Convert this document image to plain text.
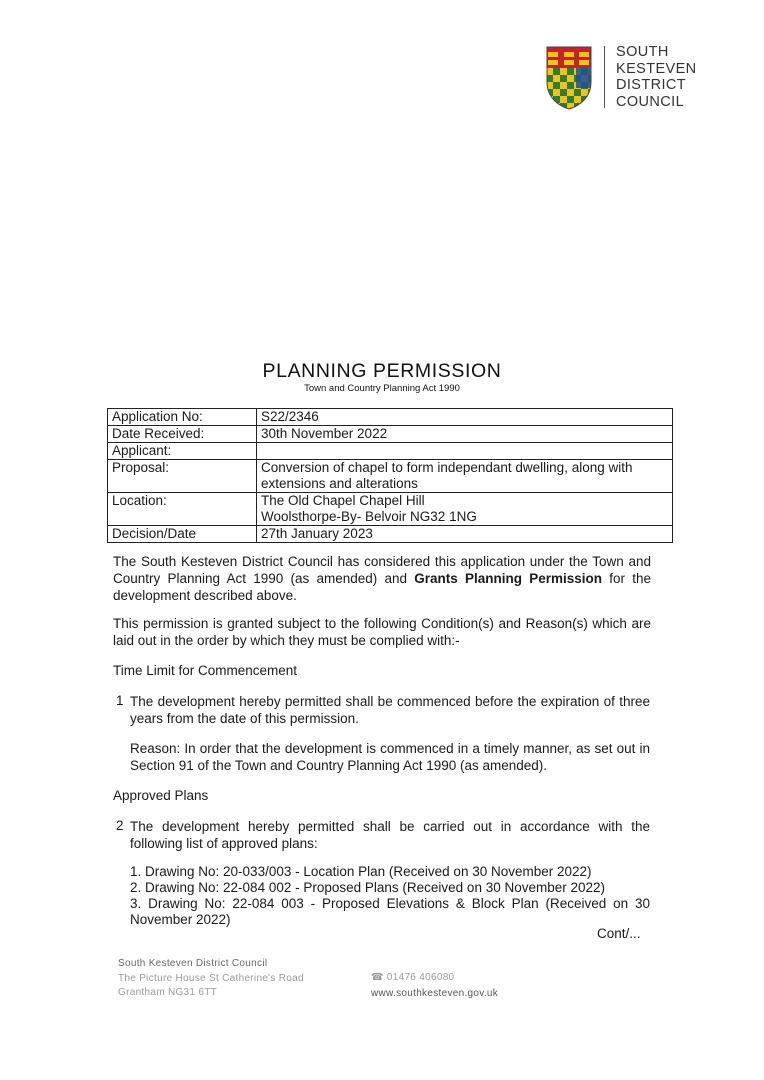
SOUTH
KESTEVEN
DISTRICT
COUNCIL
PLANNING PERMISSION
Town and Country Planning Act 1990
Application No:	S22/2346
Date Received:	30th November 2022
Applicant:	
Proposal:	Conversion of chapel to form independant dwelling, along with extensions and alterations
Location:	The Old Chapel Chapel Hill
Woolsthorpe-By- Belvoir NG32 1NG

Decision/Date	27th January 2023
The South Kesteven District Council has considered this application under the Town and Country Planning Act 1990 (as amended) and Grants Planning Permission for the development described above.
This permission is granted subject to the following Condition(s) and Reason(s) which are laid out in the order by which they must be complied with:-
Time Limit for Commencement
1 The development hereby permitted shall be commenced before the expiration of three years from the date of this permission.
Reason: In order that the development is commenced in a timely manner, as set out in Section 91 of the Town and Country Planning Act 1990 (as amended).
Approved Plans
2 The development hereby permitted shall be carried out in accordance with the following list of approved plans:
1. Drawing No: 20-033/003 - Location Plan (Received on 30 November 2022)
2. Drawing No: 22-084 002 - Proposed Plans (Received on 30 November 2022)
3. Drawing No: 22-084 003 - Proposed Elevations & Block Plan (Received on 30 November 2022)
Cont/...
South Kesteven District Council
The Picture House St Catherine's Road
Grantham NG31 6TT
☎ 01476 406080
www.southkesteven.gov.uk
